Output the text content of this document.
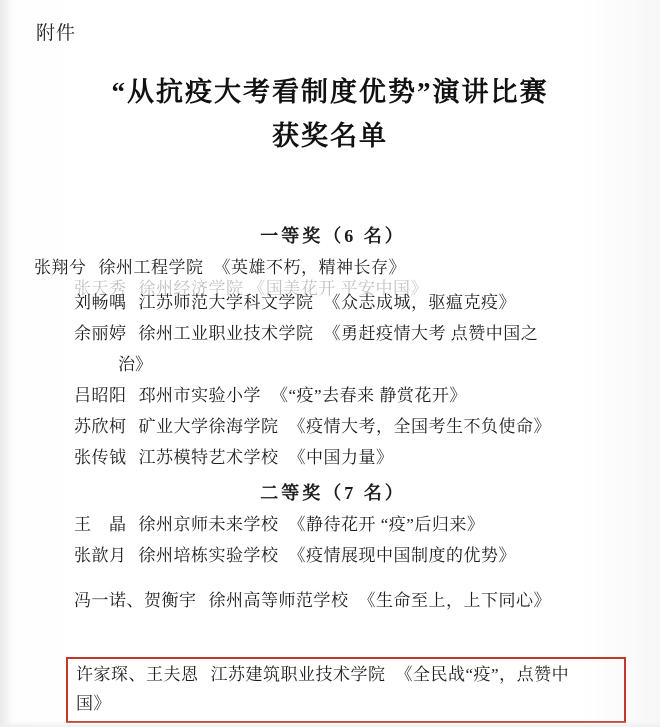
附件
“从抗疫大考看制度优势”演讲比赛
获奖名单
一等奖（6 名）
张翔兮 徐州工程学院 《英雄不朽，精神长存》
张天秀 徐州经济学院 《国美花开 平安中国》
刘畅喁 江苏师范大学科文学院 《众志成城，驱瘟克疫》
余丽婷 徐州工业职业技术学院 《勇赶疫情大考 点赞中国之
治》
吕昭阳 邳州市实验小学 《“疫”去春来 静赏花开》
苏欣柯 矿业大学徐海学院 《疫情大考，全国考生不负使命》
张传钺 江苏模特艺术学校 《中国力量》
二等奖（7 名）
王　晶 徐州京师未来学校 《静待花开 “疫”后归来》
张歆月 徐州培栋实验学校 《疫情展现中国制度的优势》
冯一诺、贺衡宇 徐州高等师范学校 《生命至上，上下同心》
许家琛、王夫恩 江苏建筑职业技术学院 《全民战“疫”，点赞中
国》
